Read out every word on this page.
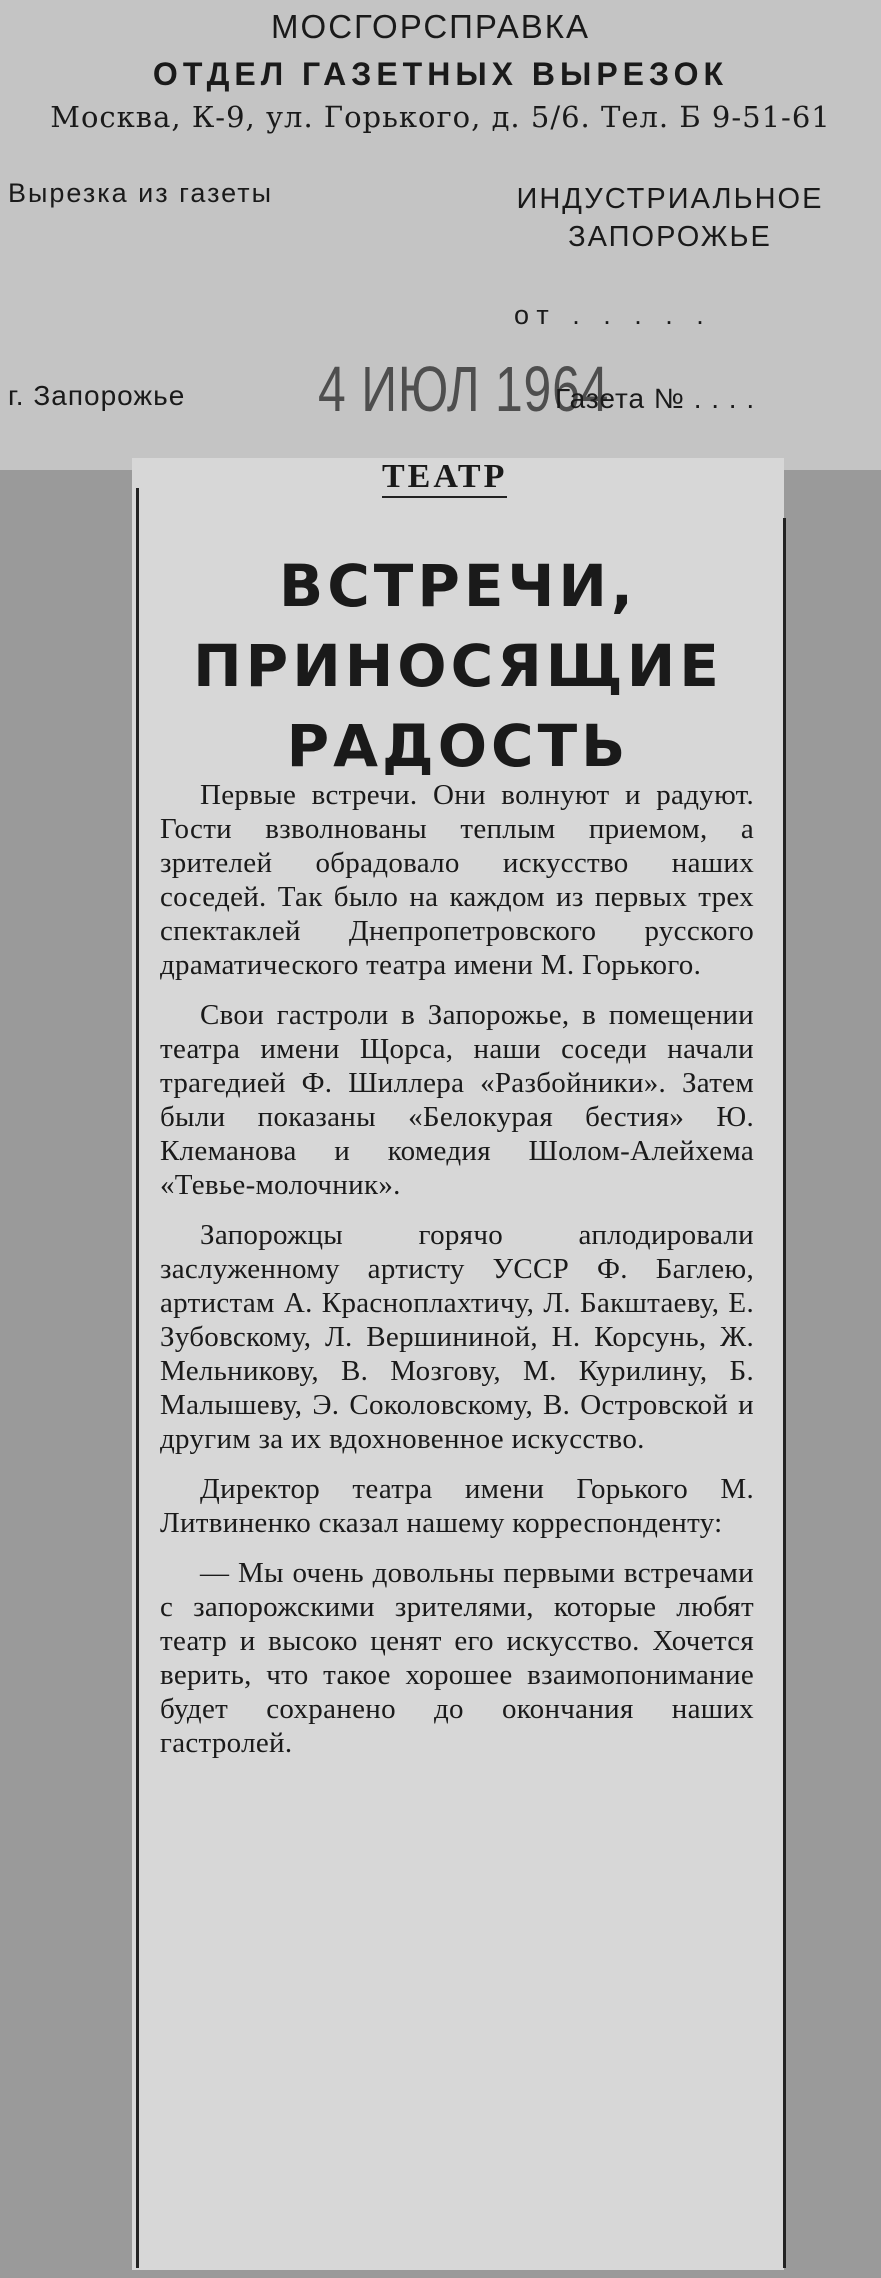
МОСГОРСПРАВКА
ОТДЕЛ ГАЗЕТНЫХ ВЫРЕЗОК
Москва, К-9, ул. Горького, д. 5/6. Тел. Б 9-51-61
Вырезка из газеты	ИНДУСТРИАЛЬНОЕ
ЗАПОРОЖЬЕ
от . . . . .
г. Запорожье 4 ИЮЛ 1964
Газета № . . . .
ТЕАТР
ВСТРЕЧИ,
ПРИНОСЯЩИЕ
РАДОСТЬ

Первые встречи. Они волнуют и радуют. Гости взволнованы теплым приемом, а зрителей обрадовало искусство наших соседей. Так было на каждом из первых трех спектаклей Днепропетровского русского драматического театра имени М. Горького.

Свои гастроли в Запорожье, в помещении театра имени Щорса, наши соседи начали трагедией Ф. Шиллера «Разбойники». Затем были показаны «Белокурая бестия» Ю. Клеманова и комедия Шолом-Алейхема «Тевье-молочник».

Запорожцы горячо аплодировали заслуженному артисту УССР Ф. Баглею, артистам А. Краснoплахтичу, Л. Бакштаеву, Е. Зубовскому, Л. Вершининой, Н. Корсунь, Ж. Мельникову, В. Мозгову, М. Курилину, Б. Малышеву, Э. Соколовскому, В. Островской и другим за их вдохновенное искусство.

Директор театра имени Горького М. Литвиненко сказал нашему корреспонденту:

— Мы очень довольны первыми встречами с запорожскими зрителями, которые любят театр и высоко ценят его искусство. Хочется верить, что такое хорошее взаимопонимание будет сохранено до окончания наших гастролей.
